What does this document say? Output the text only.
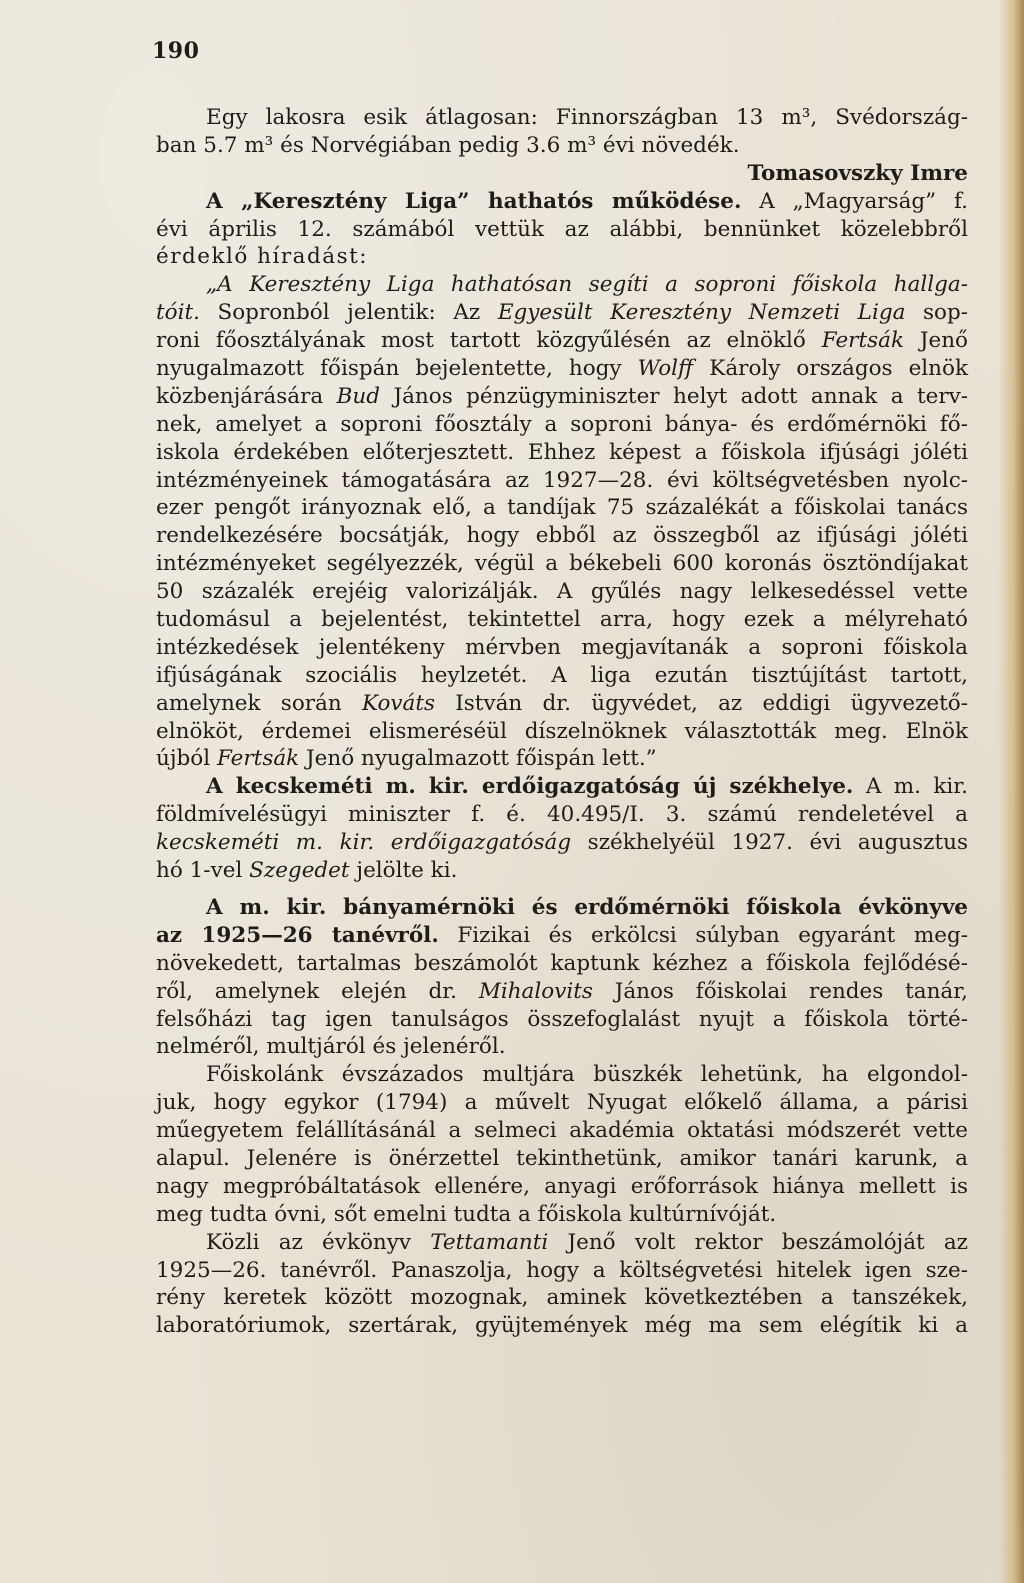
190
Egy lakosra esik átlagosan: Finnországban 13 m³, Svédország-
ban 5.7 m³ és Norvégiában pedig 3.6 m³ évi növedék.
Tomasovszky Imre
A „Keresztény Liga” hathatós működése. A „Magyarság” f.
évi április 12. számából vettük az alábbi, bennünket közelebbről
érdeklő híradást:
„A Keresztény Liga hathatósan segíti a soproni főiskola hallga-
tóit. Sopronból jelentik: Az Egyesült Keresztény Nemzeti Liga sop-
roni főosztályának most tartott közgyűlésén az elnöklő Fertsák Jenő
nyugalmazott főispán bejelentette, hogy Wolff Károly országos elnök
közbenjárására Bud János pénzügyminiszter helyt adott annak a terv-
nek, amelyet a soproni főosztály a soproni bánya- és erdőmérnöki fő-
iskola érdekében előterjesztett. Ehhez képest a főiskola ifjúsági jóléti
intézményeinek támogatására az 1927—28. évi költségvetésben nyolc-
ezer pengőt irányoznak elő, a tandíjak 75 százalékát a főiskolai tanács
rendelkezésére bocsátják, hogy ebből az összegből az ifjúsági jóléti
intézményeket segélyezzék, végül a békebeli 600 koronás ösztöndíjakat
50 százalék erejéig valorizálják. A gyűlés nagy lelkesedéssel vette
tudomásul a bejelentést, tekintettel arra, hogy ezek a mélyreható
intézkedések jelentékeny mérvben megjavítanák a soproni főiskola
ifjúságának szociális heylzetét. A liga ezután tisztújítást tartott,
amelynek során Kováts István dr. ügyvédet, az eddigi ügyvezető-
elnököt, érdemei elismeréséül díszelnöknek választották meg. Elnök
újból Fertsák Jenő nyugalmazott főispán lett.”
A kecskeméti m. kir. erdőigazgatóság új székhelye. A m. kir.
földmívelésügyi miniszter f. é. 40.495/I. 3. számú rendeletével a
kecskeméti m. kir. erdőigazgatóság székhelyéül 1927. évi augusztus
hó 1-vel Szegedet jelölte ki.
A m. kir. bányamérnöki és erdőmérnöki főiskola évkönyve
az 1925—26 tanévről. Fizikai és erkölcsi súlyban egyaránt meg-
növekedett, tartalmas beszámolót kaptunk kézhez a főiskola fejlődésé-
ről, amelynek elején dr. Mihalovits János főiskolai rendes tanár,
felsőházi tag igen tanulságos összefoglalást nyujt a főiskola törté-
nelméről, multjáról és jelenéről.
Főiskolánk évszázados multjára büszkék lehetünk, ha elgondol-
juk, hogy egykor (1794) a művelt Nyugat előkelő állama, a párisi
műegyetem felállításánál a selmeci akadémia oktatási módszerét vette
alapul. Jelenére is önérzettel tekinthetünk, amikor tanári karunk, a
nagy megpróbáltatások ellenére, anyagi erőforrások hiánya mellett is
meg tudta óvni, sőt emelni tudta a főiskola kultúrnívóját.
Közli az évkönyv Tettamanti Jenő volt rektor beszámolóját az
1925—26. tanévről. Panaszolja, hogy a költségvetési hitelek igen sze-
rény keretek között mozognak, aminek következtében a tanszékek,
laboratóriumok, szertárak, gyüjtemények még ma sem elégítik ki a
